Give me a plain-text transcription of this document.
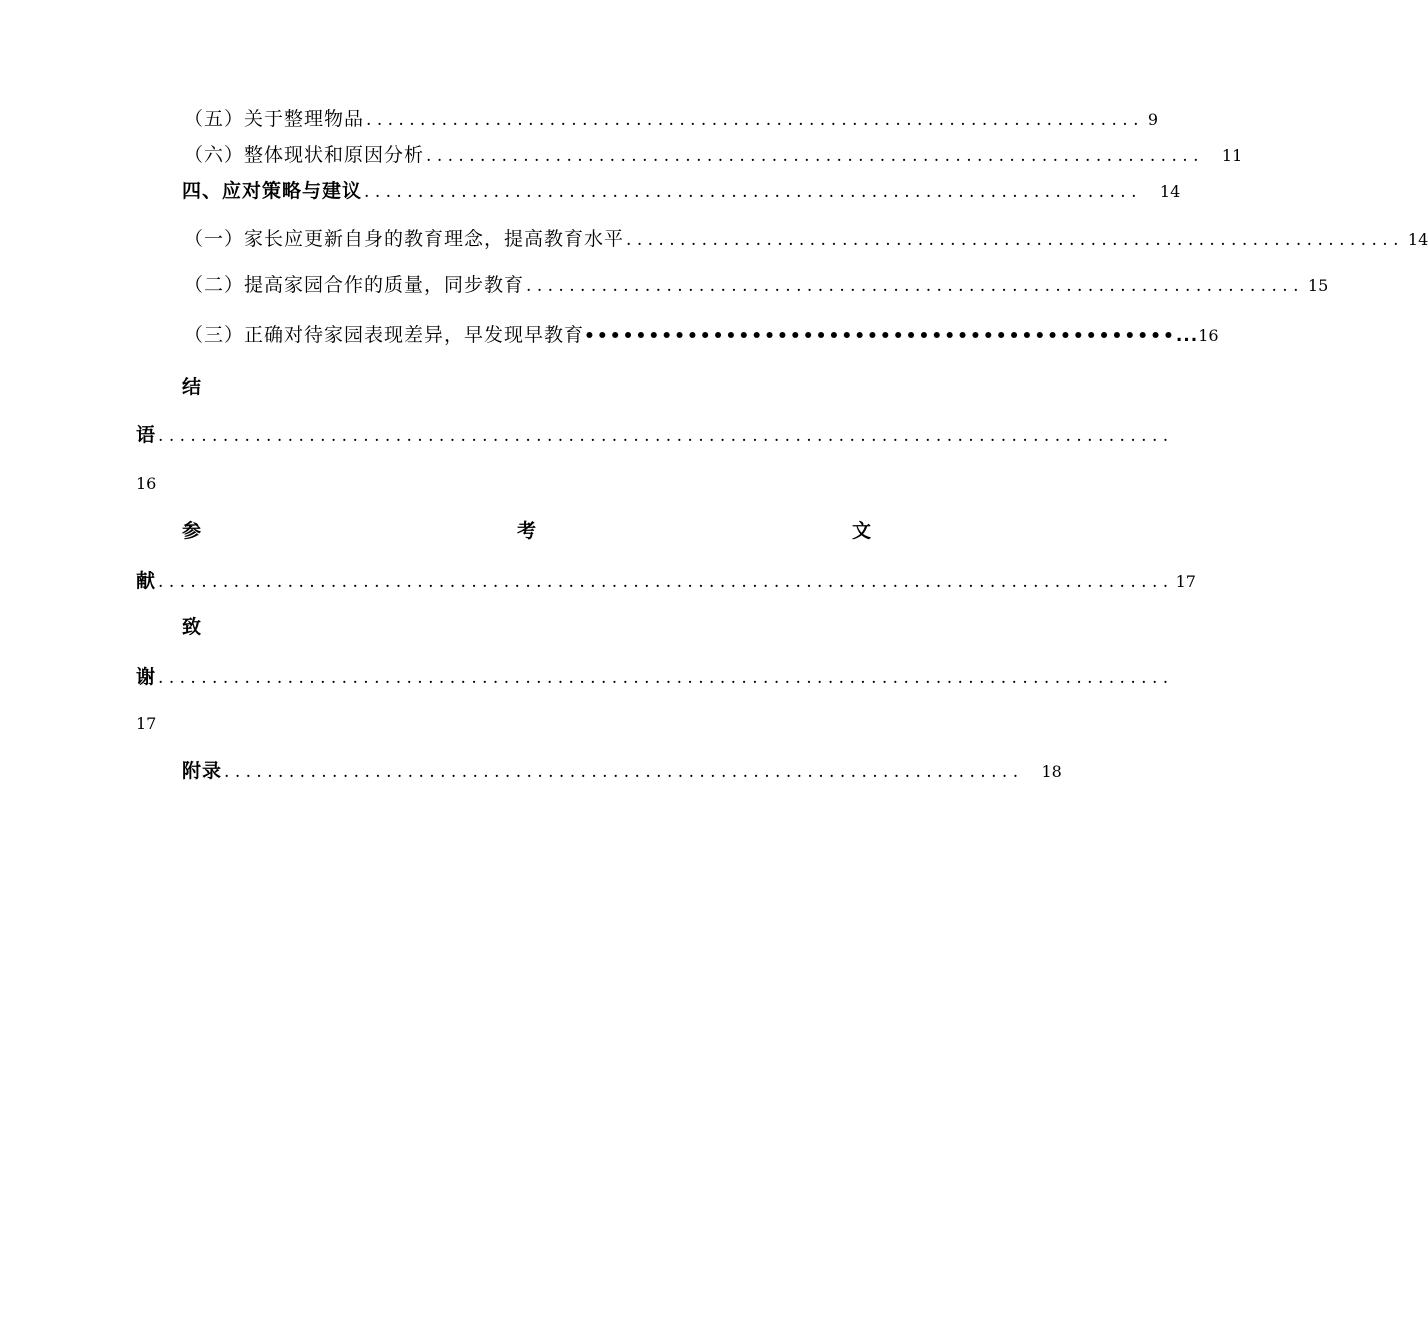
（五）关于整理物品 ........................................................................ 9
（六）整体现状和原因分析 ........................................................................ 11
四、应对策略与建议 ........................................................................ 14
（一）家长应更新自身的教育理念，提高教育水平 ........................................................................ 14
（二）提高家园合作的质量，同步教育 ........................................................................ 15
（三）正确对待家园表现差异，早发现早教育 •••••••••••••••••••••••••••••••••••••••••••••• ... 16
结
语 ..............................................................................................
16
参	考	文
献 .............................................................................................. 17
致
谢 ..............................................................................................
17
附录 .......................................................................... 18
